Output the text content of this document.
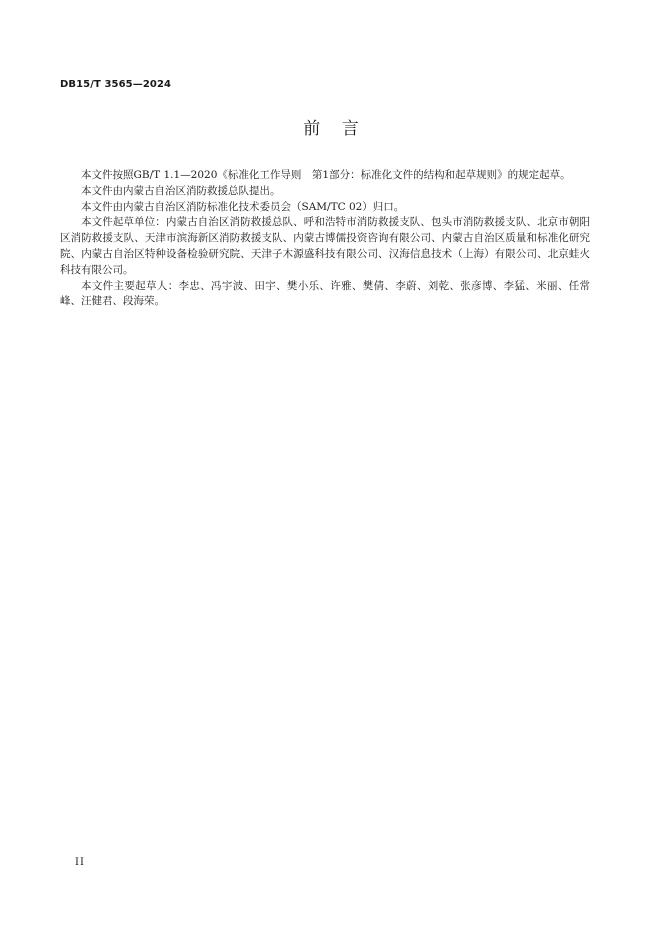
DB15/T 3565—2024
前    言

本文件按照GB/T 1.1—2020《标准化工作导则　第1部分：标准化文件的结构和起草规则》的规定起草。

本文件由内蒙古自治区消防救援总队提出。

本文件由内蒙古自治区消防标准化技术委员会（SAM/TC 02）归口。

本文件起草单位：内蒙古自治区消防救援总队、呼和浩特市消防救援支队、包头市消防救援支队、北京市朝阳区消防救援支队、天津市滨海新区消防救援支队、内蒙古博儒投资咨询有限公司、内蒙古自治区质量和标准化研究院、内蒙古自治区特种设备检验研究院、天津子木源盛科技有限公司、汉海信息技术（上海）有限公司、北京蛙火科技有限公司。

本文件主要起草人：李忠、冯宇波、田宇、樊小乐、许雅、樊倩、李蔚、刘乾、张彦博、李猛、米丽、任常峰、汪健君、段海荣。

II
